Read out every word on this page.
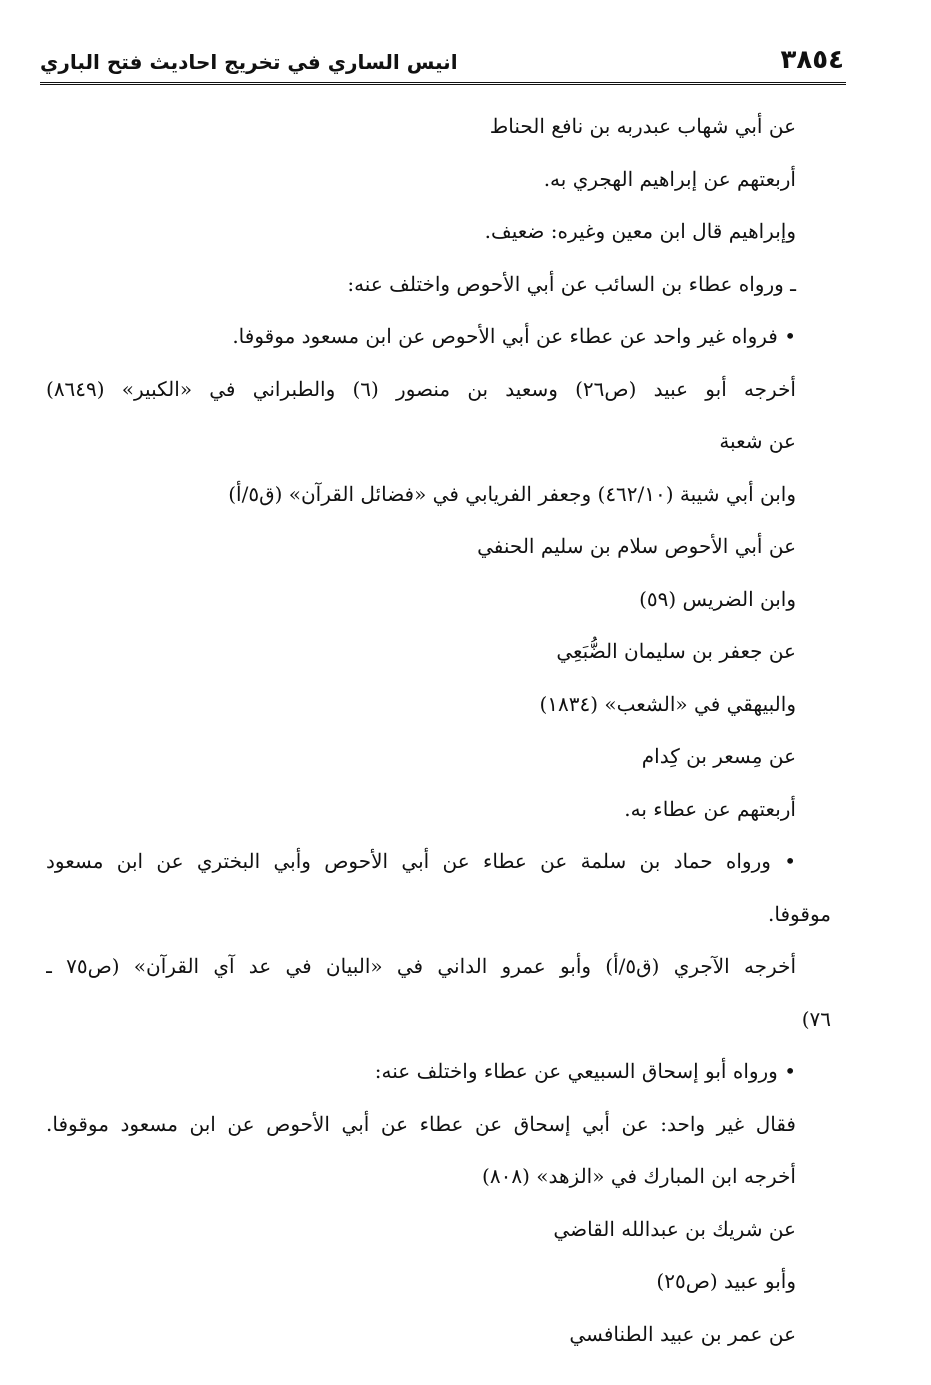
٣٨٥٤
انيس الساري في تخريج احاديث فتح الباري
عن أبي شهاب عبدربه بن نافع الحناط
أربعتهم عن إبراهيم الهجري به.
وإبراهيم قال ابن معين وغيره: ضعيف.
ـ ورواه عطاء بن السائب عن أبي الأحوص واختلف عنه:
• فرواه غير واحد عن عطاء عن أبي الأحوص عن ابن مسعود موقوفا.
أخرجه أبو عبيد (ص٢٦) وسعيد بن منصور (٦) والطبراني في «الكبير» (٨٦٤٩)
عن شعبة
وابن أبي شيبة (٤٦٢/١٠) وجعفر الفريابي في «فضائل القرآن» (ق٥/أ)
عن أبي الأحوص سلام بن سليم الحنفي
وابن الضريس (٥٩)
عن جعفر بن سليمان الضُّبَعِي
والبيهقي في «الشعب» (١٨٣٤)
عن مِسعر بن كِدام
أربعتهم عن عطاء به.
• ورواه حماد بن سلمة عن عطاء عن أبي الأحوص وأبي البختري عن ابن مسعود
موقوفا.
أخرجه الآجري (ق٥/أ) وأبو عمرو الداني في «البيان في عد آي القرآن» (ص٧٥ ـ
٧٦)
• ورواه أبو إسحاق السبيعي عن عطاء واختلف عنه:
فقال غير واحد: عن أبي إسحاق عن عطاء عن أبي الأحوص عن ابن مسعود موقوفا.
أخرجه ابن المبارك في «الزهد» (٨٠٨)
عن شريك بن عبدالله القاضي
وأبو عبيد (ص٢٥)
عن عمر بن عبيد الطنافسي
